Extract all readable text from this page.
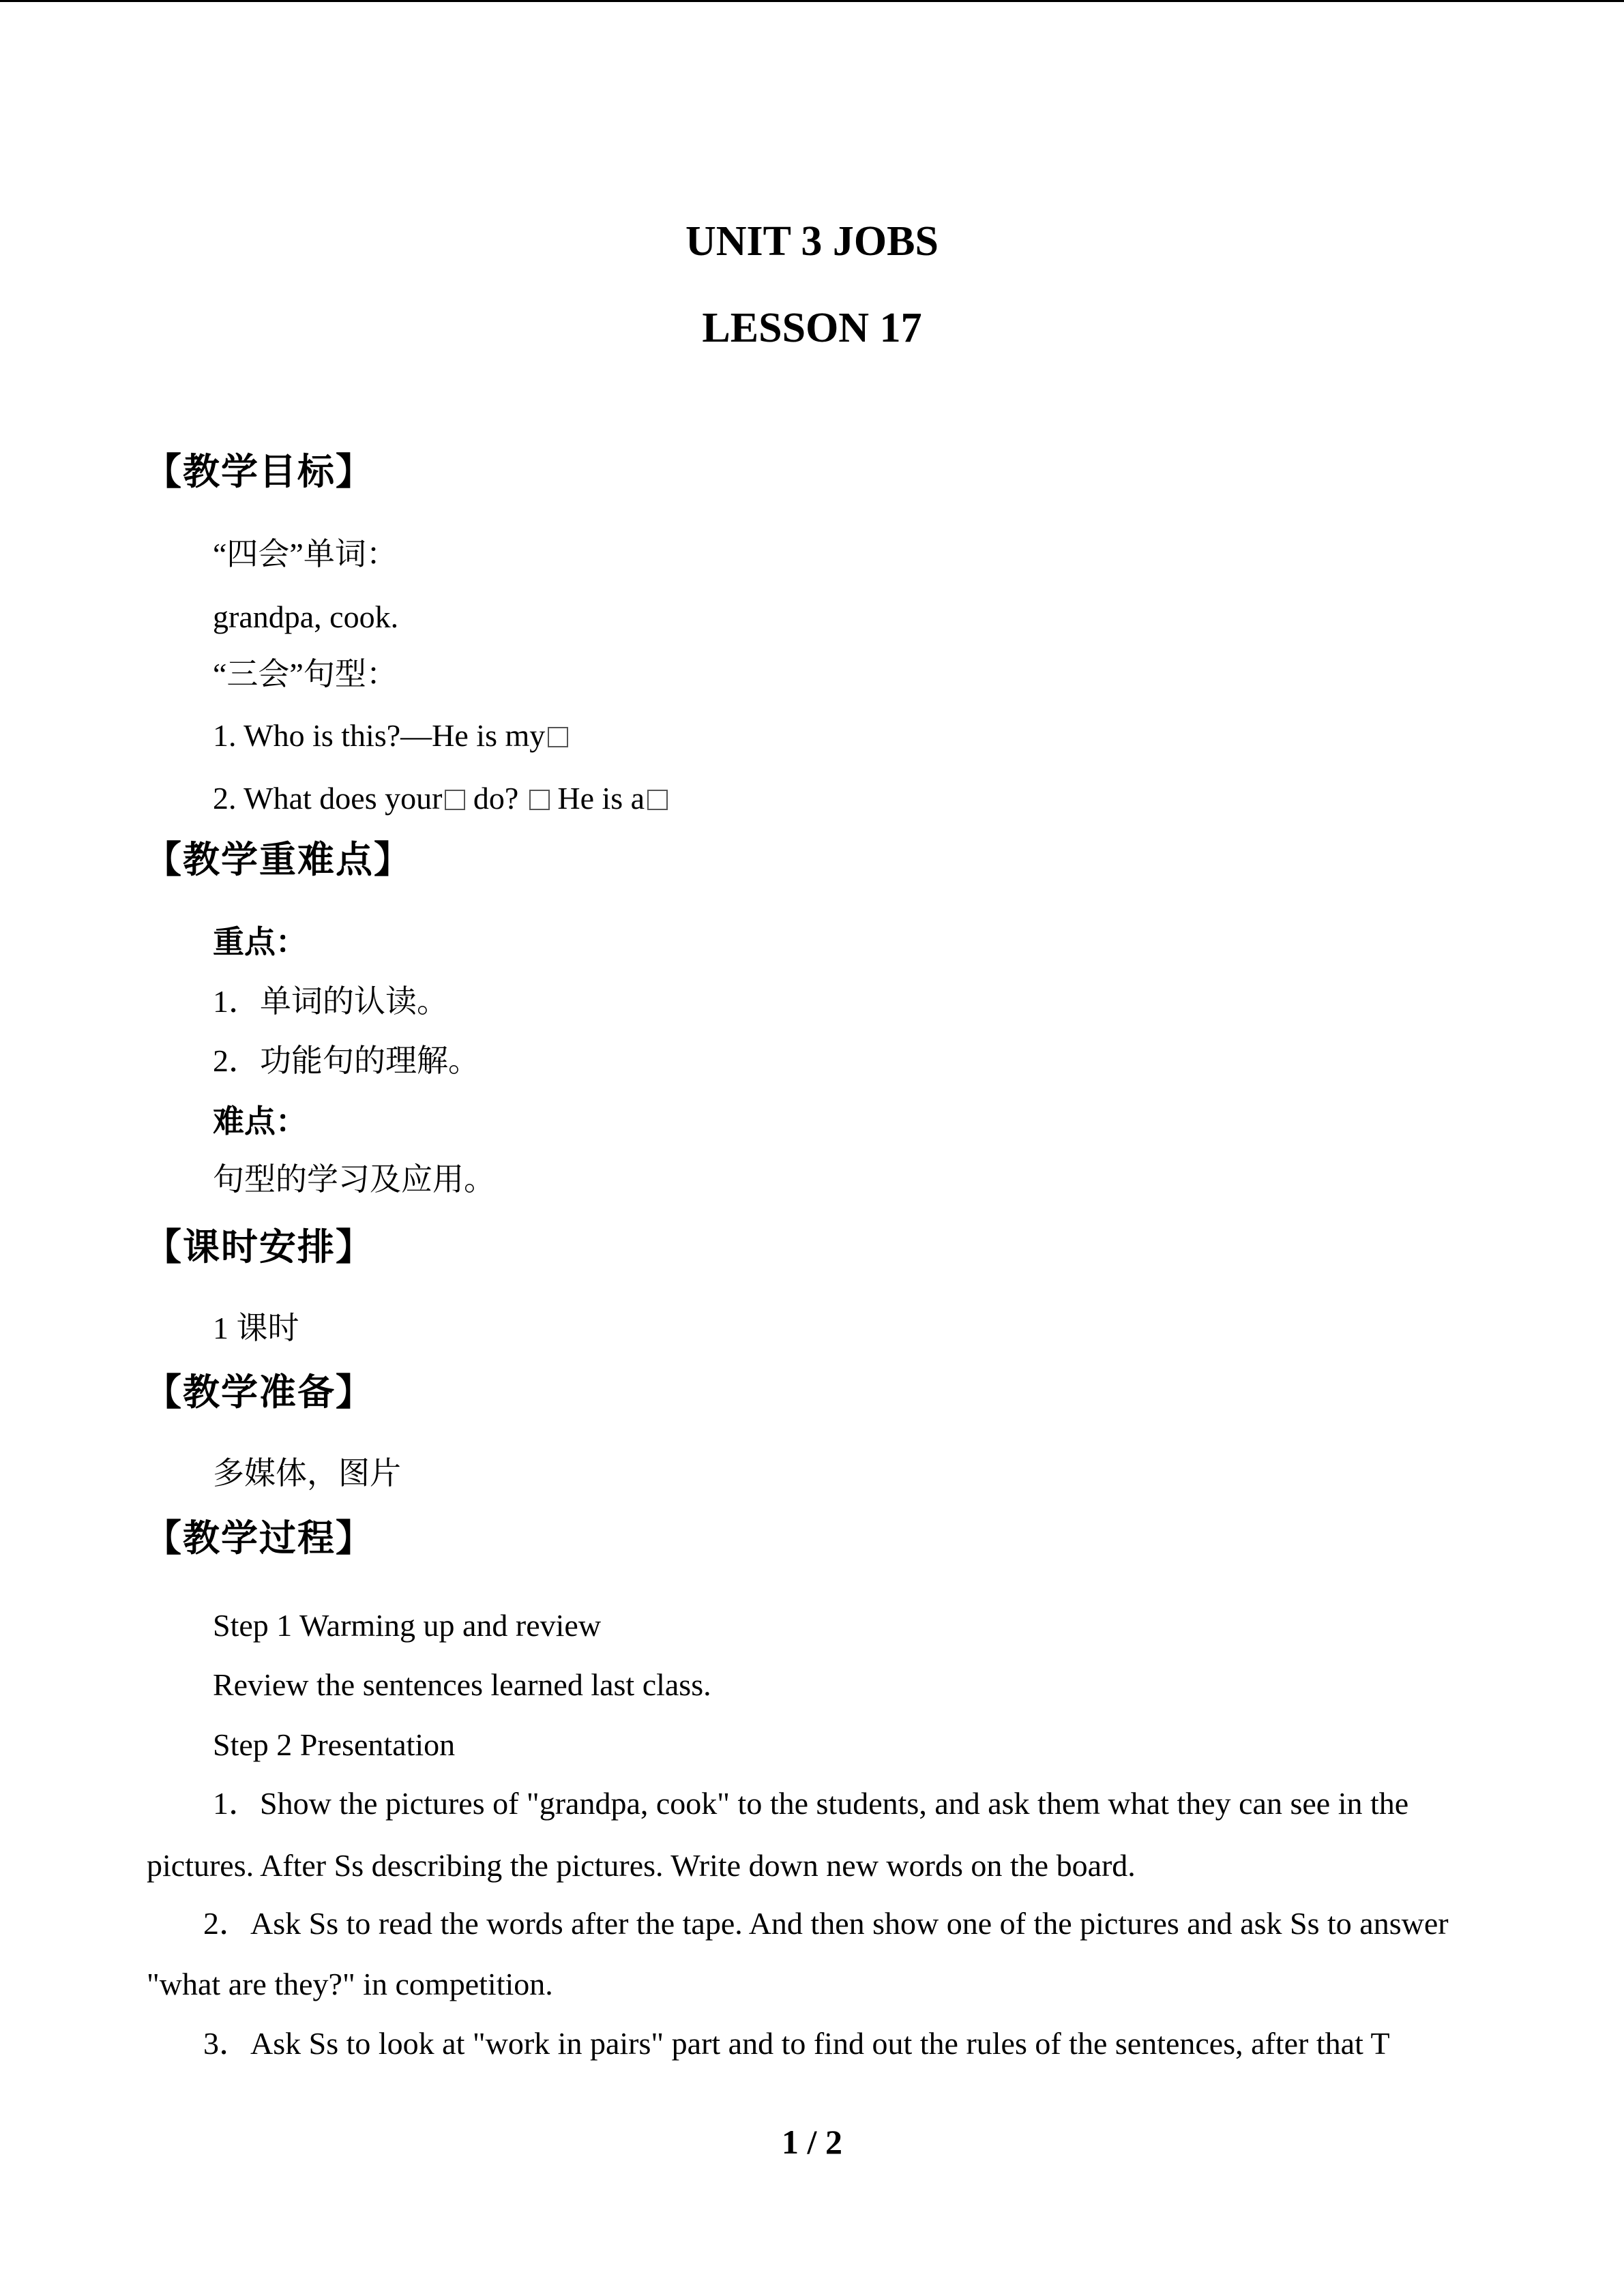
UNIT 3 JOBS
LESSON 17
【教学目标】
“四会”单词：
grandpa, cook.
“三会”句型：
1. Who is this?—He is my
2. What does your do?  He is a
【教学重难点】
重点：
1．单词的认读。
2．功能句的理解。
难点：
句型的学习及应用。
【课时安排】
1 课时
【教学准备】
多媒体，图片
【教学过程】
Step 1 Warming up and review
Review the sentences learned last class.
Step 2 Presentation
1．Show the pictures of "grandpa, cook" to the students, and ask them what they can see in the
pictures. After Ss describing the pictures. Write down new words on the board.
2．Ask Ss to read the words after the tape. And then show one of the pictures and ask Ss to answer
"what are they?" in competition.
3．Ask Ss to look at "work in pairs" part and to find out the rules of the sentences, after that T
1 / 2
